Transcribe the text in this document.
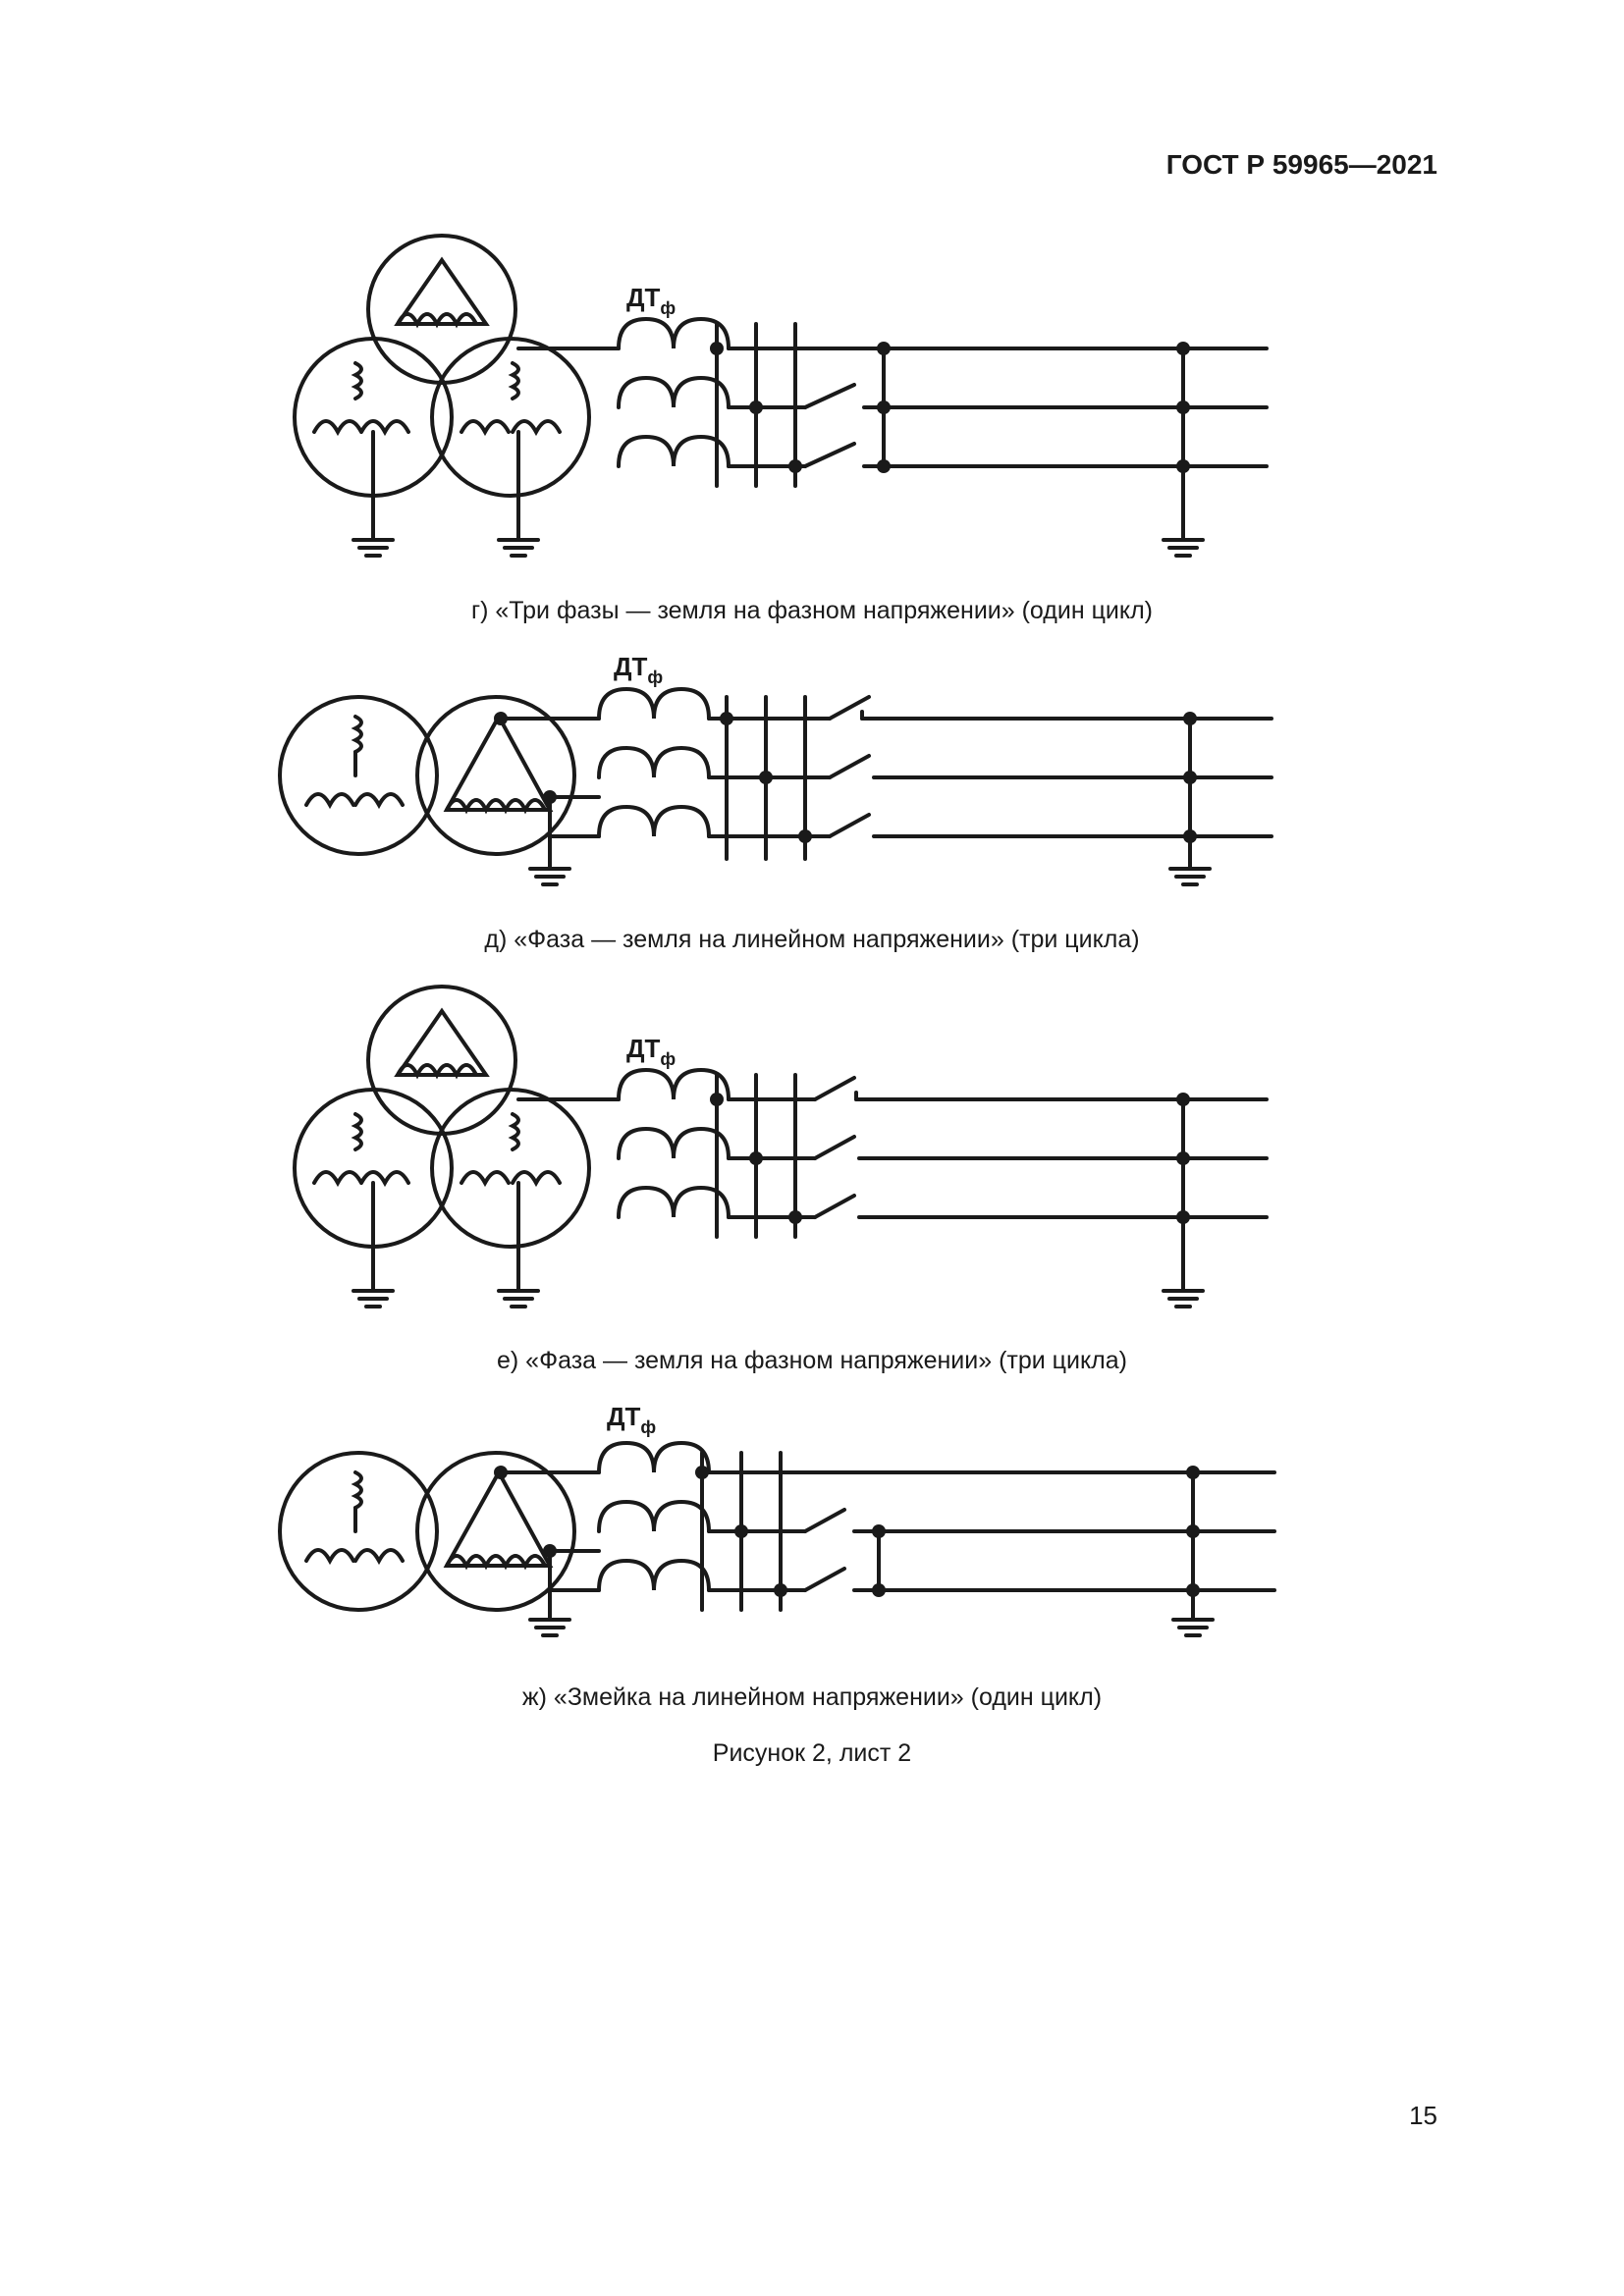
ГОСТ Р 59965—2021
$ДТ_ф$
г) «Три фазы — земля на фазном напряжении» (один цикл)
$ДТ_ф$
д) «Фаза — земля на линейном напряжении» (три цикла)
$ДТ_ф$
е) «Фаза — земля на фазном напряжении» (три цикла)
$ДТ_ф$
ж) «Змейка на линейном напряжении» (один цикл)
Рисунок 2, лист 2
15
